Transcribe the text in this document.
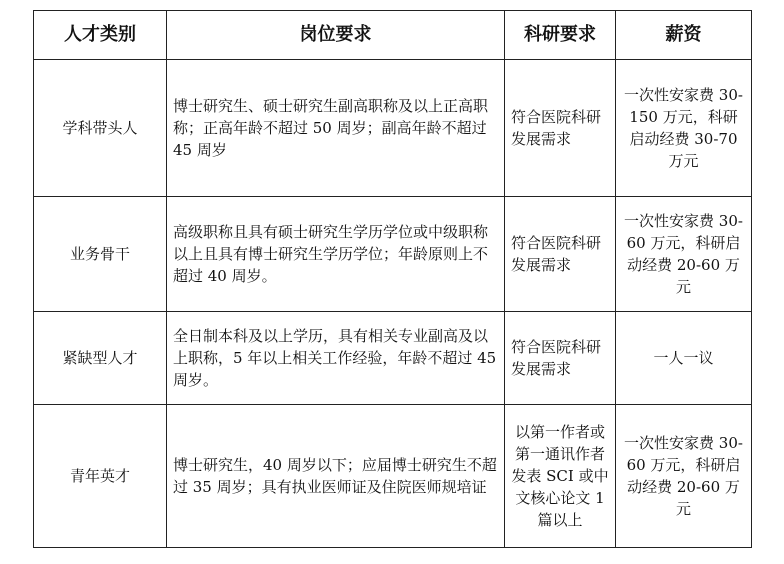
人才类别	岗位要求	科研要求	薪资

学科带头人	博士研究生、硕士研究生副高职称及以上正高职称；正高年龄不超过 50 周岁；副高年龄不超过 45 周岁	符合医院科研发展需求	一次性安家费 30-150 万元，科研启动经费 30-70 万元

业务骨干	高级职称且具有硕士研究生学历学位或中级职称以上且具有博士研究生学历学位；年龄原则上不超过 40 周岁。	符合医院科研发展需求	一次性安家费 30-60 万元，科研启动经费 20-60 万元

紧缺型人才	全日制本科及以上学历，具有相关专业副高及以上职称，5 年以上相关工作经验，年龄不超过 45 周岁。	符合医院科研发展需求	一人一议

青年英才	博士研究生，40 周岁以下；应届博士研究生不超过 35 周岁；具有执业医师证及住院医师规培证	以第一作者或第一通讯作者发表 SCI 或中文核心论文 1 篇以上	一次性安家费 30-60 万元，科研启动经费 20-60 万元
